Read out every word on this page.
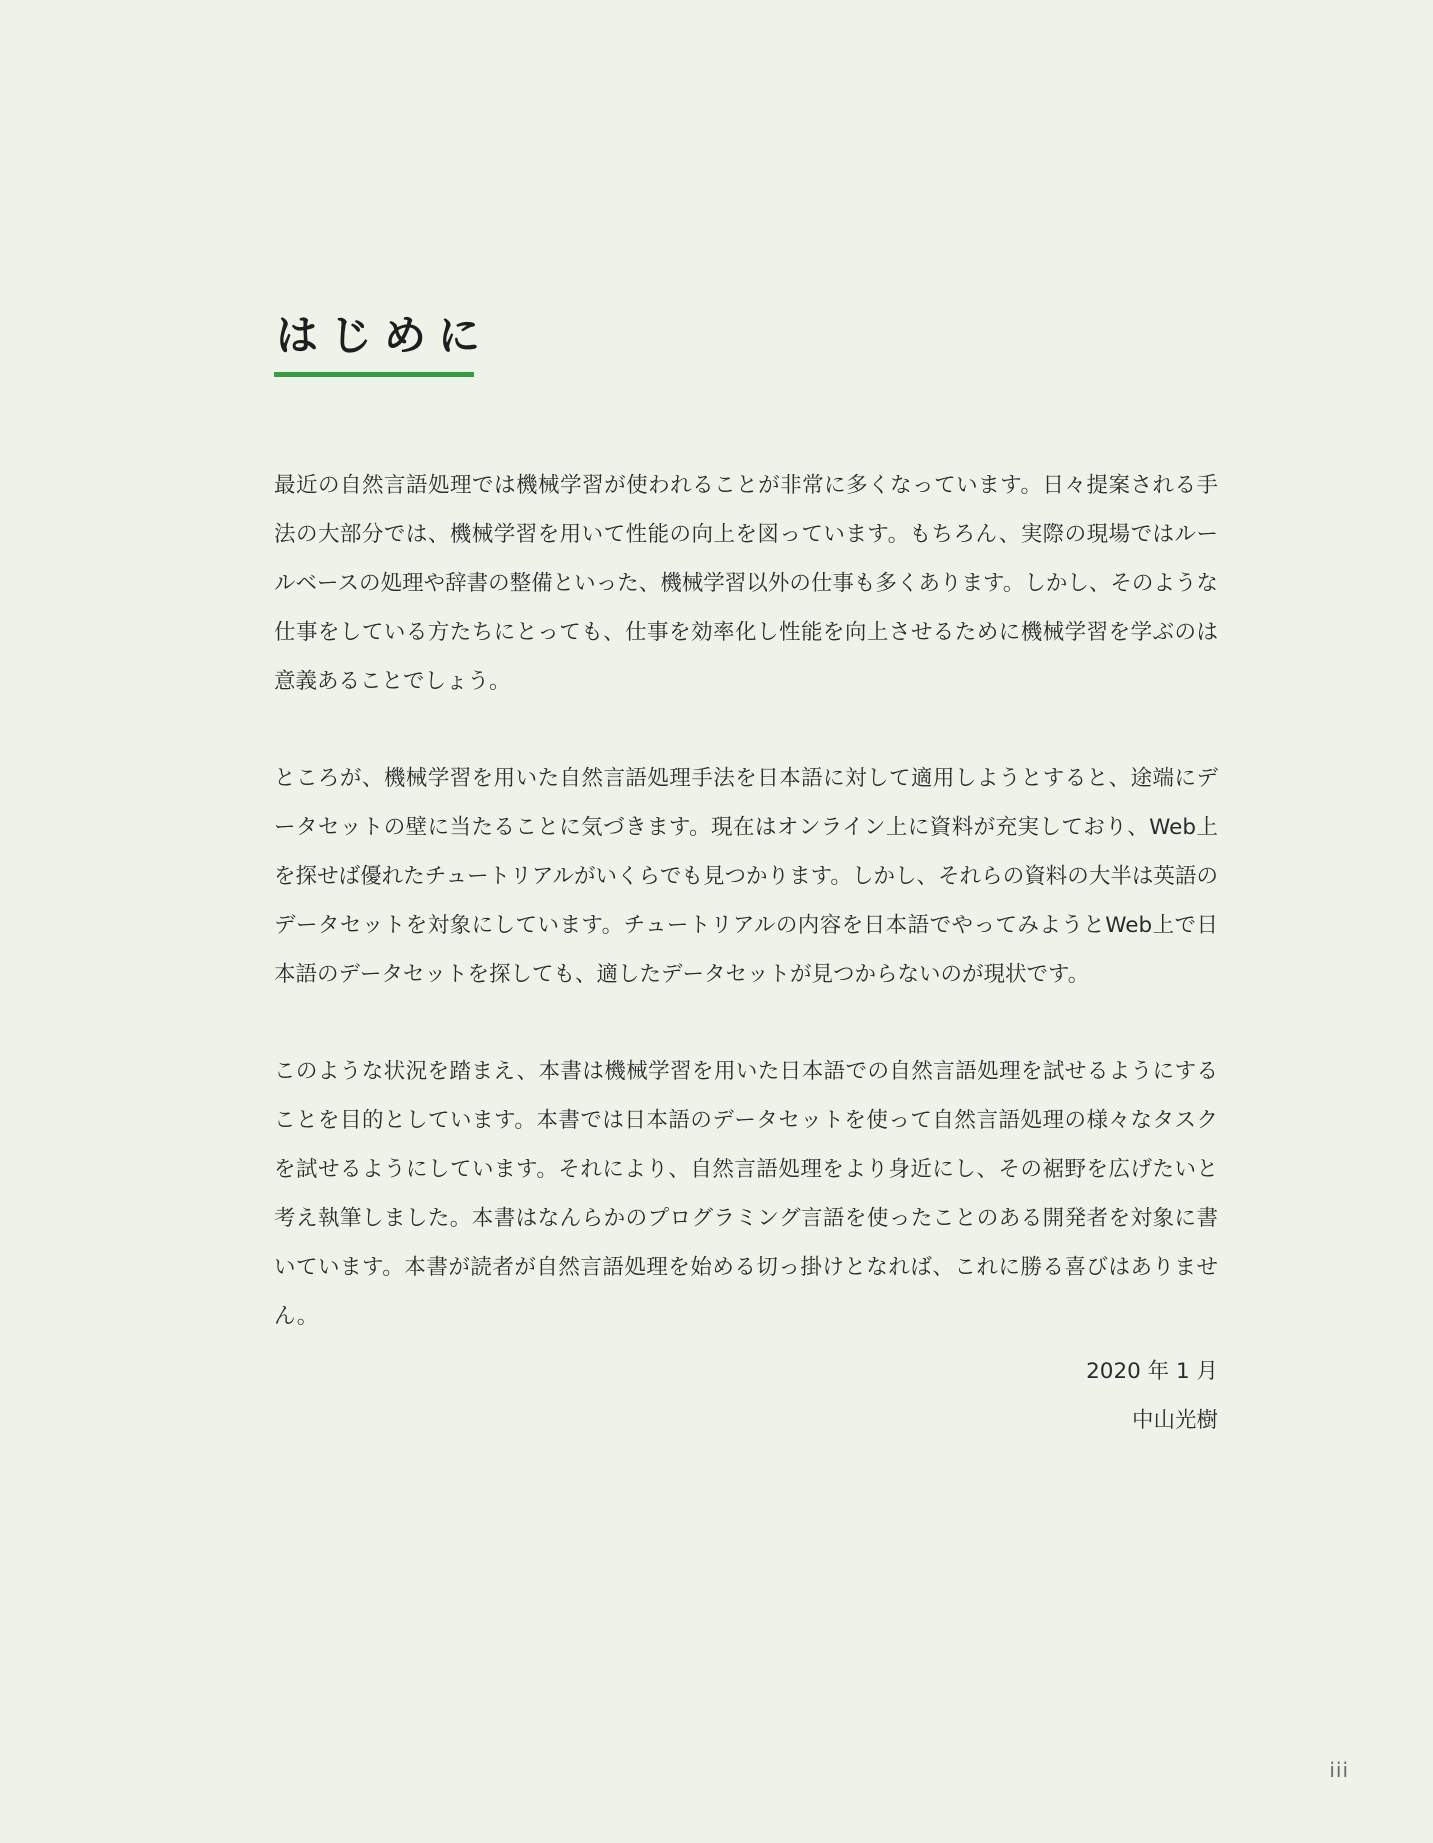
はじめに

最近の自然言語処理では機械学習が使われることが非常に多くなっています。日々提案される手法の大部分では、機械学習を用いて性能の向上を図っています。もちろん、実際の現場ではルールベースの処理や辞書の整備といった、機械学習以外の仕事も多くあります。しかし、そのような仕事をしている方たちにとっても、仕事を効率化し性能を向上させるために機械学習を学ぶのは意義あることでしょう。

ところが、機械学習を用いた自然言語処理手法を日本語に対して適用しようとすると、途端にデータセットの壁に当たることに気づきます。現在はオンライン上に資料が充実しており、Web上を探せば優れたチュートリアルがいくらでも見つかります。しかし、それらの資料の大半は英語のデータセットを対象にしています。チュートリアルの内容を日本語でやってみようとWeb上で日本語のデータセットを探しても、適したデータセットが見つからないのが現状です。

このような状況を踏まえ、本書は機械学習を用いた日本語での自然言語処理を試せるようにすることを目的としています。本書では日本語のデータセットを使って自然言語処理の様々なタスクを試せるようにしています。それにより、自然言語処理をより身近にし、その裾野を広げたいと考え執筆しました。本書はなんらかのプログラミング言語を使ったことのある開発者を対象に書いています。本書が読者が自然言語処理を始める切っ掛けとなれば、これに勝る喜びはありません。

2020 年 1 月
中山光樹
iii
